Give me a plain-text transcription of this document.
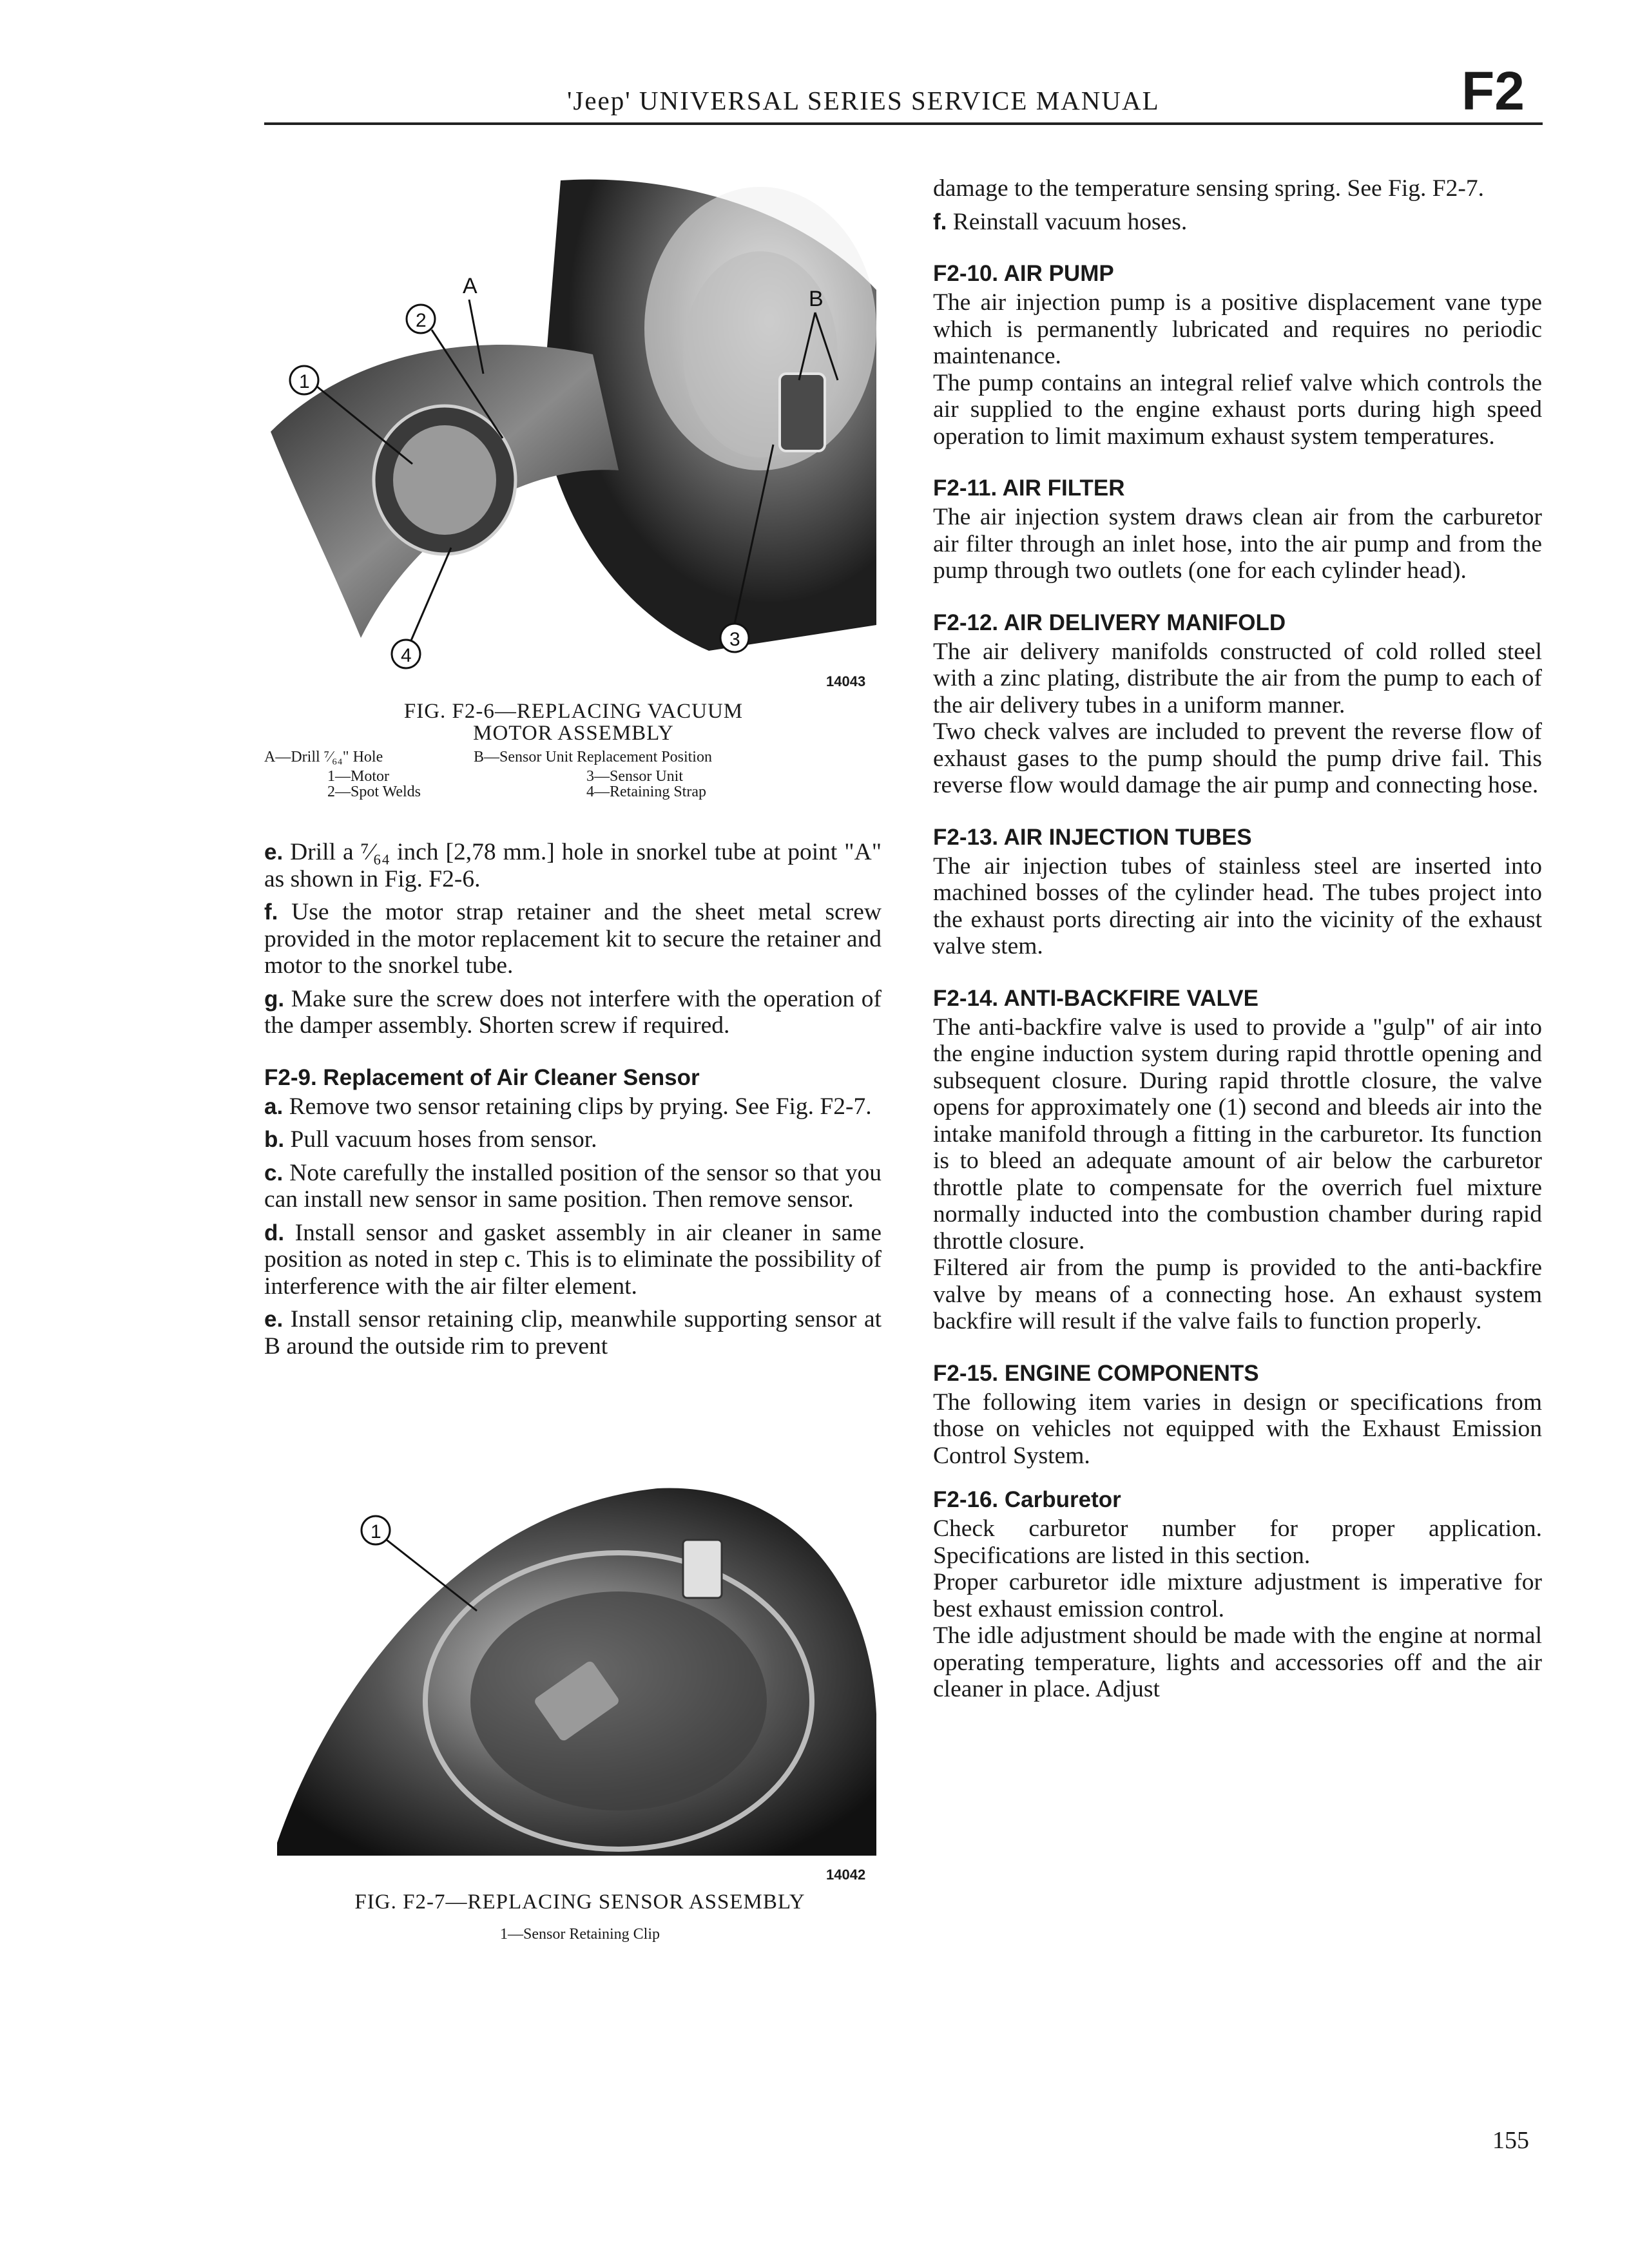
'Jeep' UNIVERSAL SERIES SERVICE MANUAL	F2
A
B
2
1
3
4
14043
FIG. F2-6—REPLACING VACUUM
MOTOR ASSEMBLY
A—Drill ⁷⁄₆₄" Hole	B—Sensor Unit Replacement Position
1—Motor
2—Spot Welds
3—Sensor Unit
4—Retaining Strap

e. Drill a ⁷⁄₆₄ inch [2,78 mm.] hole in snorkel tube at point "A" as shown in Fig. F2-6.

f. Use the motor strap retainer and the sheet metal screw provided in the motor replacement kit to secure the retainer and motor to the snorkel tube.

g. Make sure the screw does not interfere with the operation of the damper assembly. Shorten screw if required.

F2-9. Replacement of Air Cleaner Sensor

a. Remove two sensor retaining clips by prying. See Fig. F2-7.

b. Pull vacuum hoses from sensor.

c. Note carefully the installed position of the sensor so that you can install new sensor in same position. Then remove sensor.

d. Install sensor and gasket assembly in air cleaner in same position as noted in step c. This is to eliminate the possibility of interference with the air filter element.

e. Install sensor retaining clip, meanwhile supporting sensor at B around the outside rim to prevent

1
14042
FIG. F2-7—REPLACING SENSOR ASSEMBLY
1—Sensor Retaining Clip

damage to the temperature sensing spring. See Fig. F2-7.

f. Reinstall vacuum hoses.

F2-10. AIR PUMP

The air injection pump is a positive displacement vane type which is permanently lubricated and requires no periodic maintenance.

The pump contains an integral relief valve which controls the air supplied to the engine exhaust ports during high speed operation to limit maximum exhaust system temperatures.

F2-11. AIR FILTER

The air injection system draws clean air from the carburetor air filter through an inlet hose, into the air pump and from the pump through two outlets (one for each cylinder head).

F2-12. AIR DELIVERY MANIFOLD

The air delivery manifolds constructed of cold rolled steel with a zinc plating, distribute the air from the pump to each of the air delivery tubes in a uniform manner.

Two check valves are included to prevent the reverse flow of exhaust gases to the pump should the pump drive fail. This reverse flow would damage the air pump and connecting hose.

F2-13. AIR INJECTION TUBES

The air injection tubes of stainless steel are inserted into machined bosses of the cylinder head. The tubes project into the exhaust ports directing air into the vicinity of the exhaust valve stem.

F2-14. ANTI-BACKFIRE VALVE

The anti-backfire valve is used to provide a "gulp" of air into the engine induction system during rapid throttle opening and subsequent closure. During rapid throttle closure, the valve opens for approximately one (1) second and bleeds air into the intake manifold through a fitting in the carburetor. Its function is to bleed an adequate amount of air below the carburetor throttle plate to compensate for the overrich fuel mixture normally inducted into the combustion chamber during rapid throttle closure.

Filtered air from the pump is provided to the anti-backfire valve by means of a connecting hose. An exhaust system backfire will result if the valve fails to function properly.

F2-15. ENGINE COMPONENTS

The following item varies in design or specifications from those on vehicles not equipped with the Exhaust Emission Control System.

F2-16. Carburetor

Check carburetor number for proper application. Specifications are listed in this section.

Proper carburetor idle mixture adjustment is imperative for best exhaust emission control.

The idle adjustment should be made with the engine at normal operating temperature, lights and accessories off and the air cleaner in place. Adjust

155
